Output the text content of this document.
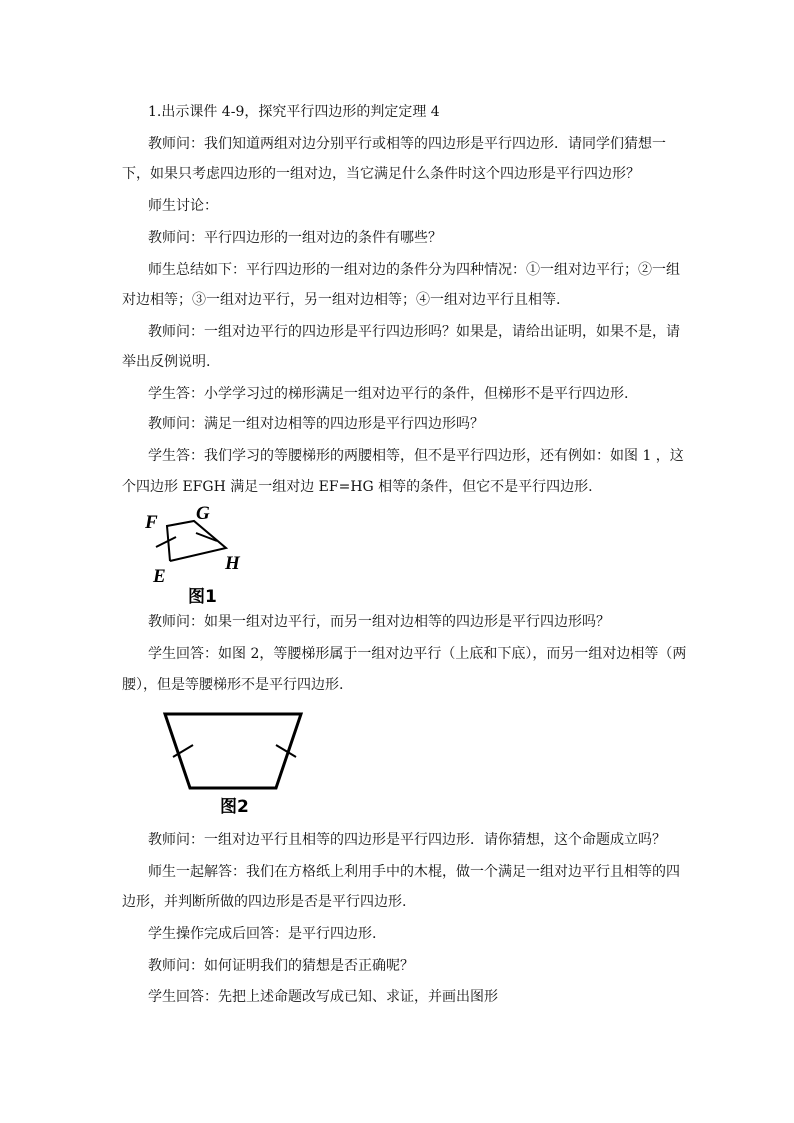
1.出示课件 4-9，探究平行四边形的判定定理 4
教师问：我们知道两组对边分别平行或相等的四边形是平行四边形．请同学们猜想一
下，如果只考虑四边形的一组对边，当它满足什么条件时这个四边形是平行四边形？
师生讨论：
教师问：平行四边形的一组对边的条件有哪些？
师生总结如下：平行四边形的一组对边的条件分为四种情况：①一组对边平行；②一组
对边相等；③一组对边平行，另一组对边相等；④一组对边平行且相等.
教师问：一组对边平行的四边形是平行四边形吗？如果是，请给出证明，如果不是，请
举出反例说明.
学生答：小学学习过的梯形满足一组对边平行的条件，但梯形不是平行四边形.
教师问：满足一组对边相等的四边形是平行四边形吗？
学生答：我们学习的等腰梯形的两腰相等，但不是平行四边形，还有例如：如图 1 ，这
个四边形 EFGH 满足一组对边 EF=HG 相等的条件，但它不是平行四边形.
F G
E
H
图1
教师问：如果一组对边平行，而另一组对边相等的四边形是平行四边形吗？
学生回答：如图 2，等腰梯形属于一组对边平行（上底和下底），而另一组对边相等（两
腰），但是等腰梯形不是平行四边形.
图2
教师问：一组对边平行且相等的四边形是平行四边形．请你猜想，这个命题成立吗？
师生一起解答：我们在方格纸上利用手中的木棍，做一个满足一组对边平行且相等的四
边形，并判断所做的四边形是否是平行四边形.
学生操作完成后回答：是平行四边形.
教师问：如何证明我们的猜想是否正确呢？
学生回答：先把上述命题改写成已知、求证，并画出图形
